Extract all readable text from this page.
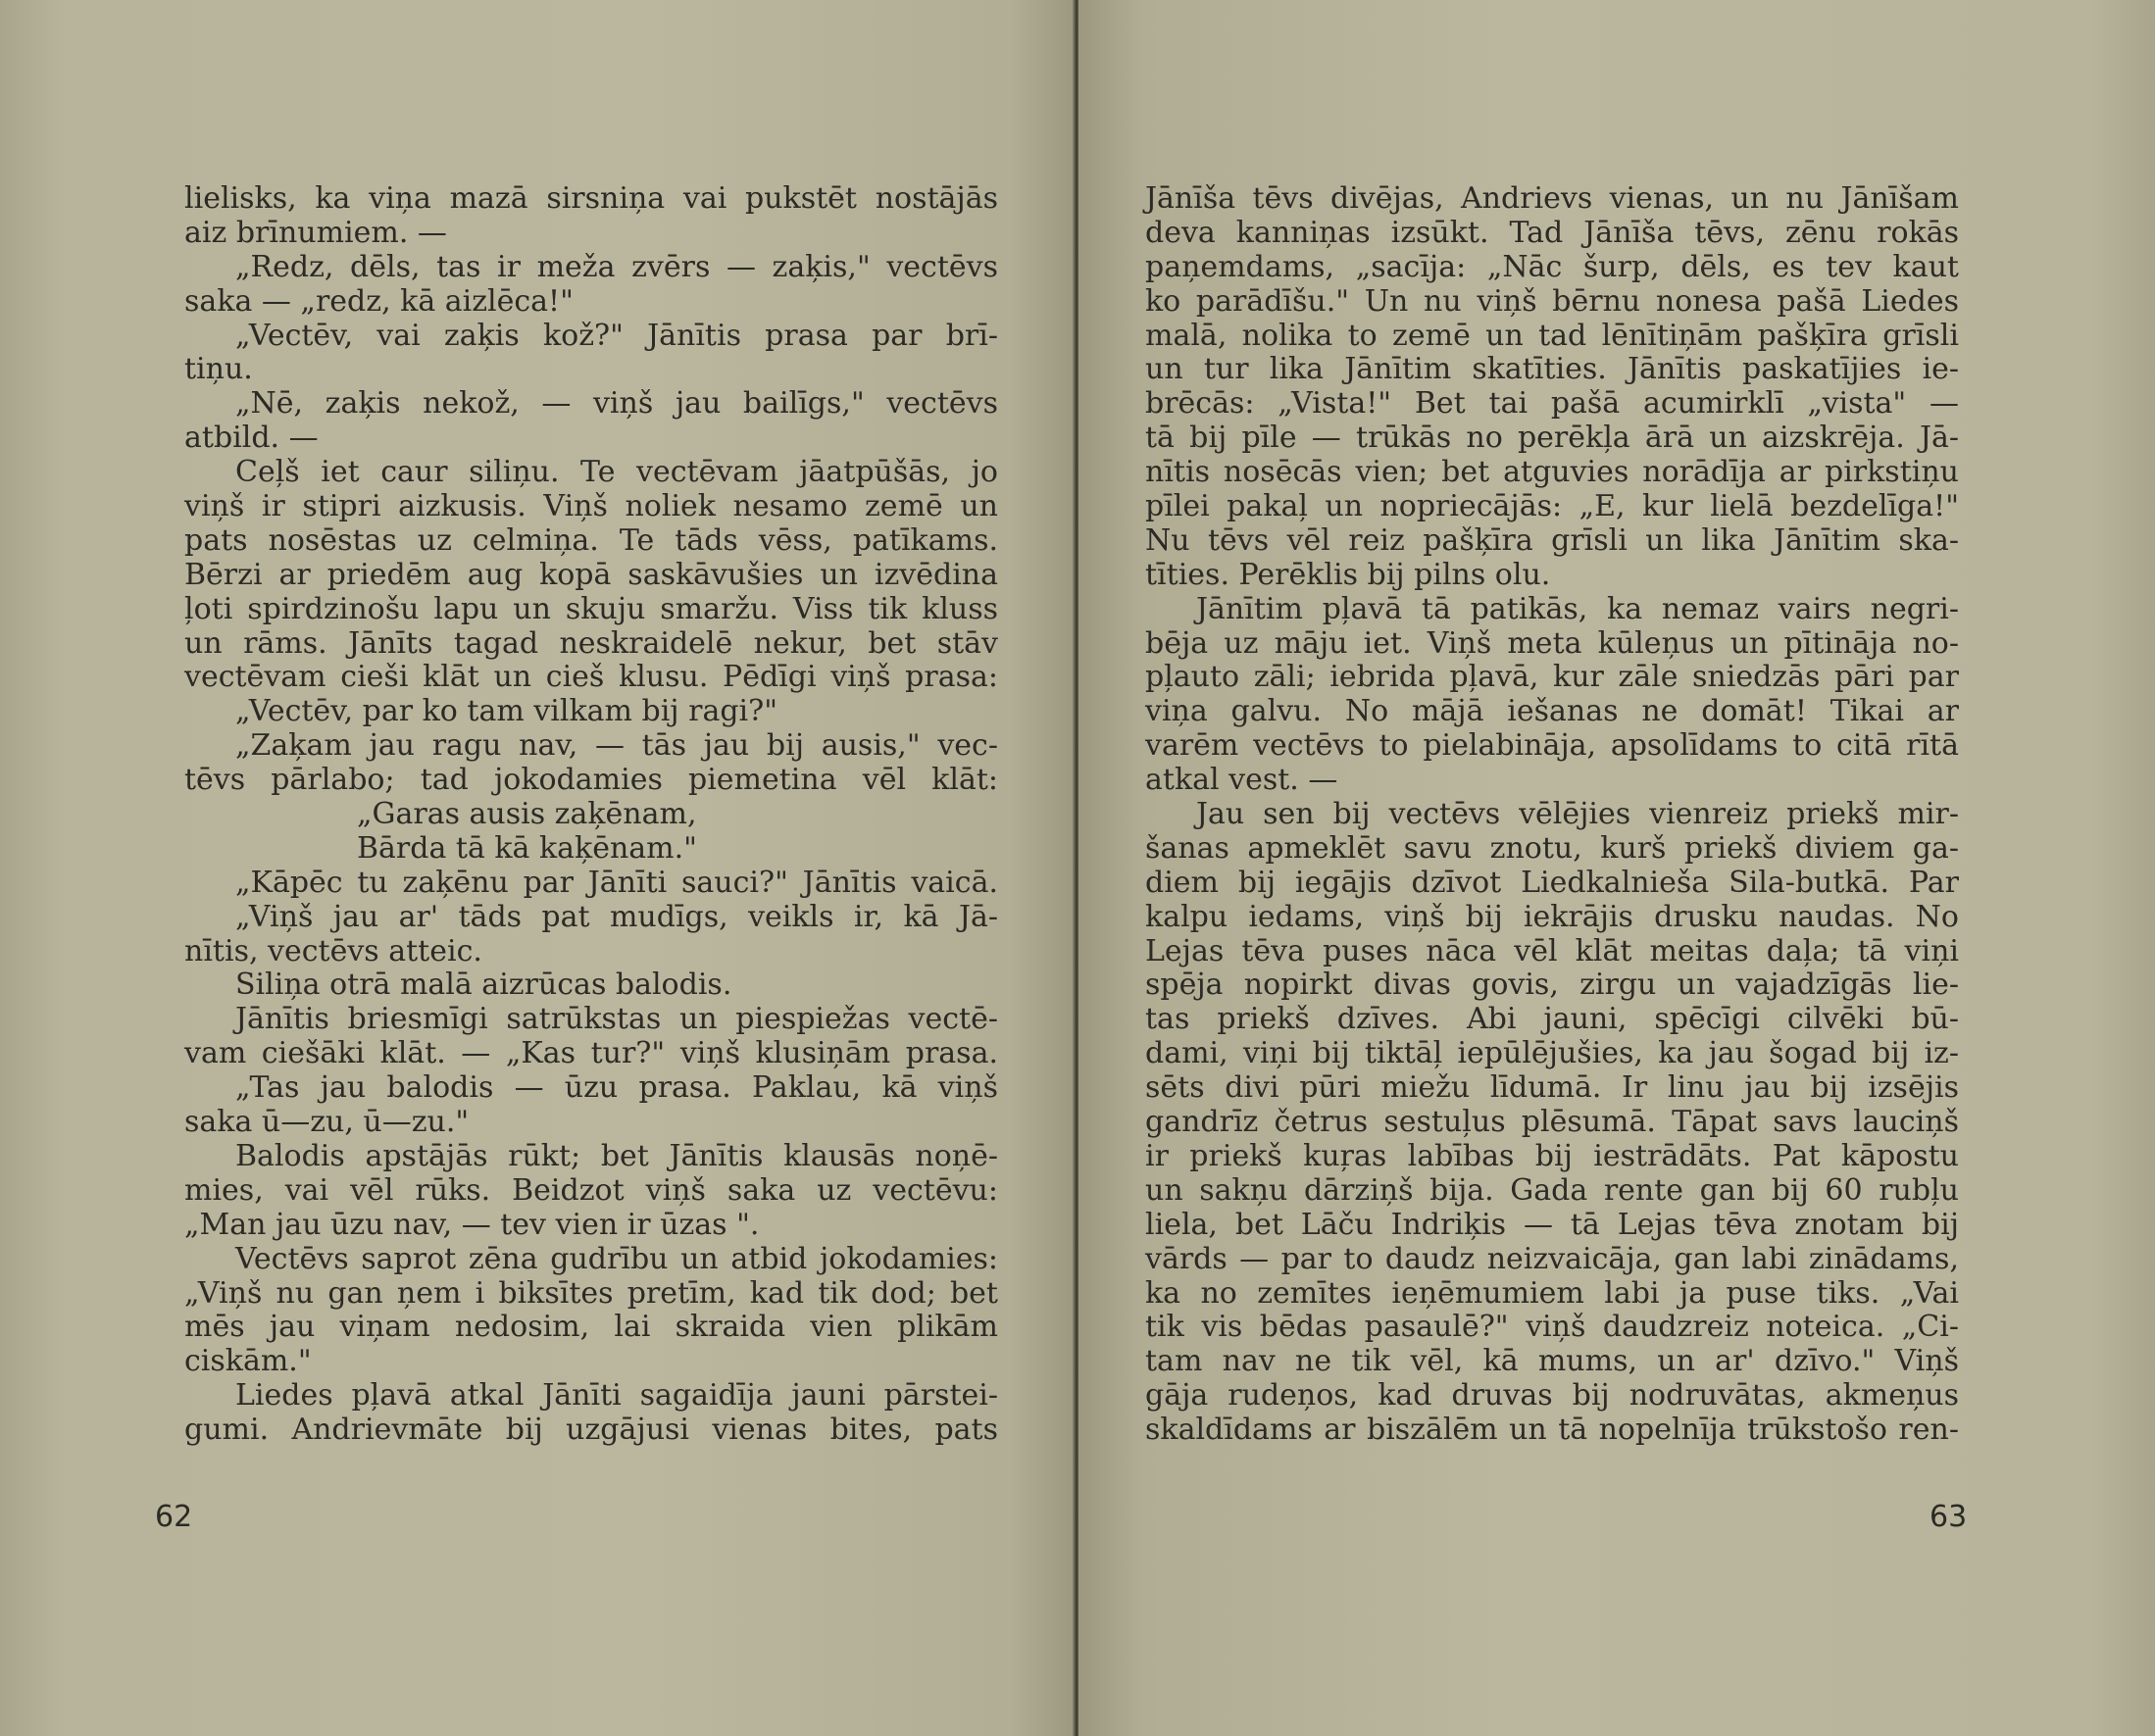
lielisks, ka viņa mazā sirsniņa vai pukstēt nostājās
aiz brīnumiem. —
„Redz, dēls, tas ir meža zvērs — zaķis," vectēvs
saka — „redz, kā aizlēca!"
„Vectēv, vai zaķis kož?" Jānītis prasa par brī-
tiņu.
„Nē, zaķis nekož, — viņš jau bailīgs," vectēvs
atbild. —
Ceļš iet caur siliņu. Te vectēvam jāatpūšās, jo
viņš ir stipri aizkusis. Viņš noliek nesamo zemē un
pats nosēstas uz celmiņa. Te tāds vēss, patīkams.
Bērzi ar priedēm aug kopā saskāvušies un izvēdina
ļoti spirdzinošu lapu un skuju smaržu. Viss tik kluss
un rāms. Jānīts tagad neskraidelē nekur, bet stāv
vectēvam cieši klāt un cieš klusu. Pēdīgi viņš prasa:
„Vectēv, par ko tam vilkam bij ragi?"
„Zaķam jau ragu nav, — tās jau bij ausis," vec-
tēvs pārlabo; tad jokodamies piemetina vēl klāt:
„Garas ausis zaķēnam,
Bārda tā kā kaķēnam."
„Kāpēc tu zaķēnu par Jānīti sauci?" Jānītis vaicā.
„Viņš jau ar' tāds pat mudīgs, veikls ir, kā Jā-
nītis, vectēvs atteic.
Siliņa otrā malā aizrūcas balodis.
Jānītis briesmīgi satrūkstas un piespiežas vectē-
vam ciešāki klāt. — „Kas tur?" viņš klusiņām prasa.
„Tas jau balodis — ūzu prasa. Paklau, kā viņš
saka ū—zu, ū—zu."
Balodis apstājās rūkt; bet Jānītis klausās noņē-
mies, vai vēl rūks. Beidzot viņš saka uz vectēvu:
„Man jau ūzu nav, — tev vien ir ūzas ".
Vectēvs saprot zēna gudrību un atbid jokodamies:
„Viņš nu gan ņem i biksītes pretīm, kad tik dod; bet
mēs jau viņam nedosim, lai skraida vien plikām
ciskām."
Liedes pļavā atkal Jānīti sagaidīja jauni pārstei-
gumi. Andrievmāte bij uzgājusi vienas bites, pats
62
Jānīša tēvs divējas, Andrievs vienas, un nu Jānīšam
deva kanniņas izsūkt. Tad Jānīša tēvs, zēnu rokās
paņemdams, „sacīja: „Nāc šurp, dēls, es tev kaut
ko parādīšu." Un nu viņš bērnu nonesa pašā Liedes
malā, nolika to zemē un tad lēnītiņām pašķīra grīsli
un tur lika Jānītim skatīties. Jānītis paskatījies ie-
brēcās: „Vista!" Bet tai pašā acumirklī „vista" —
tā bij pīle — trūkās no perēkļa ārā un aizskrēja. Jā-
nītis nosēcās vien; bet atguvies norādīja ar pirkstiņu
pīlei pakaļ un nopriecājās: „E, kur lielā bezdelīga!"
Nu tēvs vēl reiz pašķīra grīsli un lika Jānītim ska-
tīties. Perēklis bij pilns olu.
Jānītim pļavā tā patikās, ka nemaz vairs negri-
bēja uz māju iet. Viņš meta kūleņus un pītināja no-
pļauto zāli; iebrida pļavā, kur zāle sniedzās pāri par
viņa galvu. No mājā iešanas ne domāt! Tikai ar
varēm vectēvs to pielabināja, apsolīdams to citā rītā
atkal vest. —
Jau sen bij vectēvs vēlējies vienreiz priekš mir-
šanas apmeklēt savu znotu, kurš priekš diviem ga-
diem bij iegājis dzīvot Liedkalnieša Sila-butkā. Par
kalpu iedams, viņš bij iekrājis drusku naudas. No
Lejas tēva puses nāca vēl klāt meitas daļa; tā viņi
spēja nopirkt divas govis, zirgu un vajadzīgās lie-
tas priekš dzīves. Abi jauni, spēcīgi cilvēki bū-
dami, viņi bij tiktāļ iepūlējušies, ka jau šogad bij iz-
sēts divi pūri miežu līdumā. Ir linu jau bij izsējis
gandrīz četrus sestuļus plēsumā. Tāpat savs lauciņš
ir priekš kuŗas labības bij iestrādāts. Pat kāpostu
un sakņu dārziņš bija. Gada rente gan bij 60 rubļu
liela, bet Lāču Indriķis — tā Lejas tēva znotam bij
vārds — par to daudz neizvaicāja, gan labi zinādams,
ka no zemītes ieņēmumiem labi ja puse tiks. „Vai
tik vis bēdas pasaulē?" viņš daudzreiz noteica. „Ci-
tam nav ne tik vēl, kā mums, un ar' dzīvo." Viņš
gāja rudeņos, kad druvas bij nodruvātas, akmeņus
skaldīdams ar biszālēm un tā nopelnīja trūkstošo ren-
63
